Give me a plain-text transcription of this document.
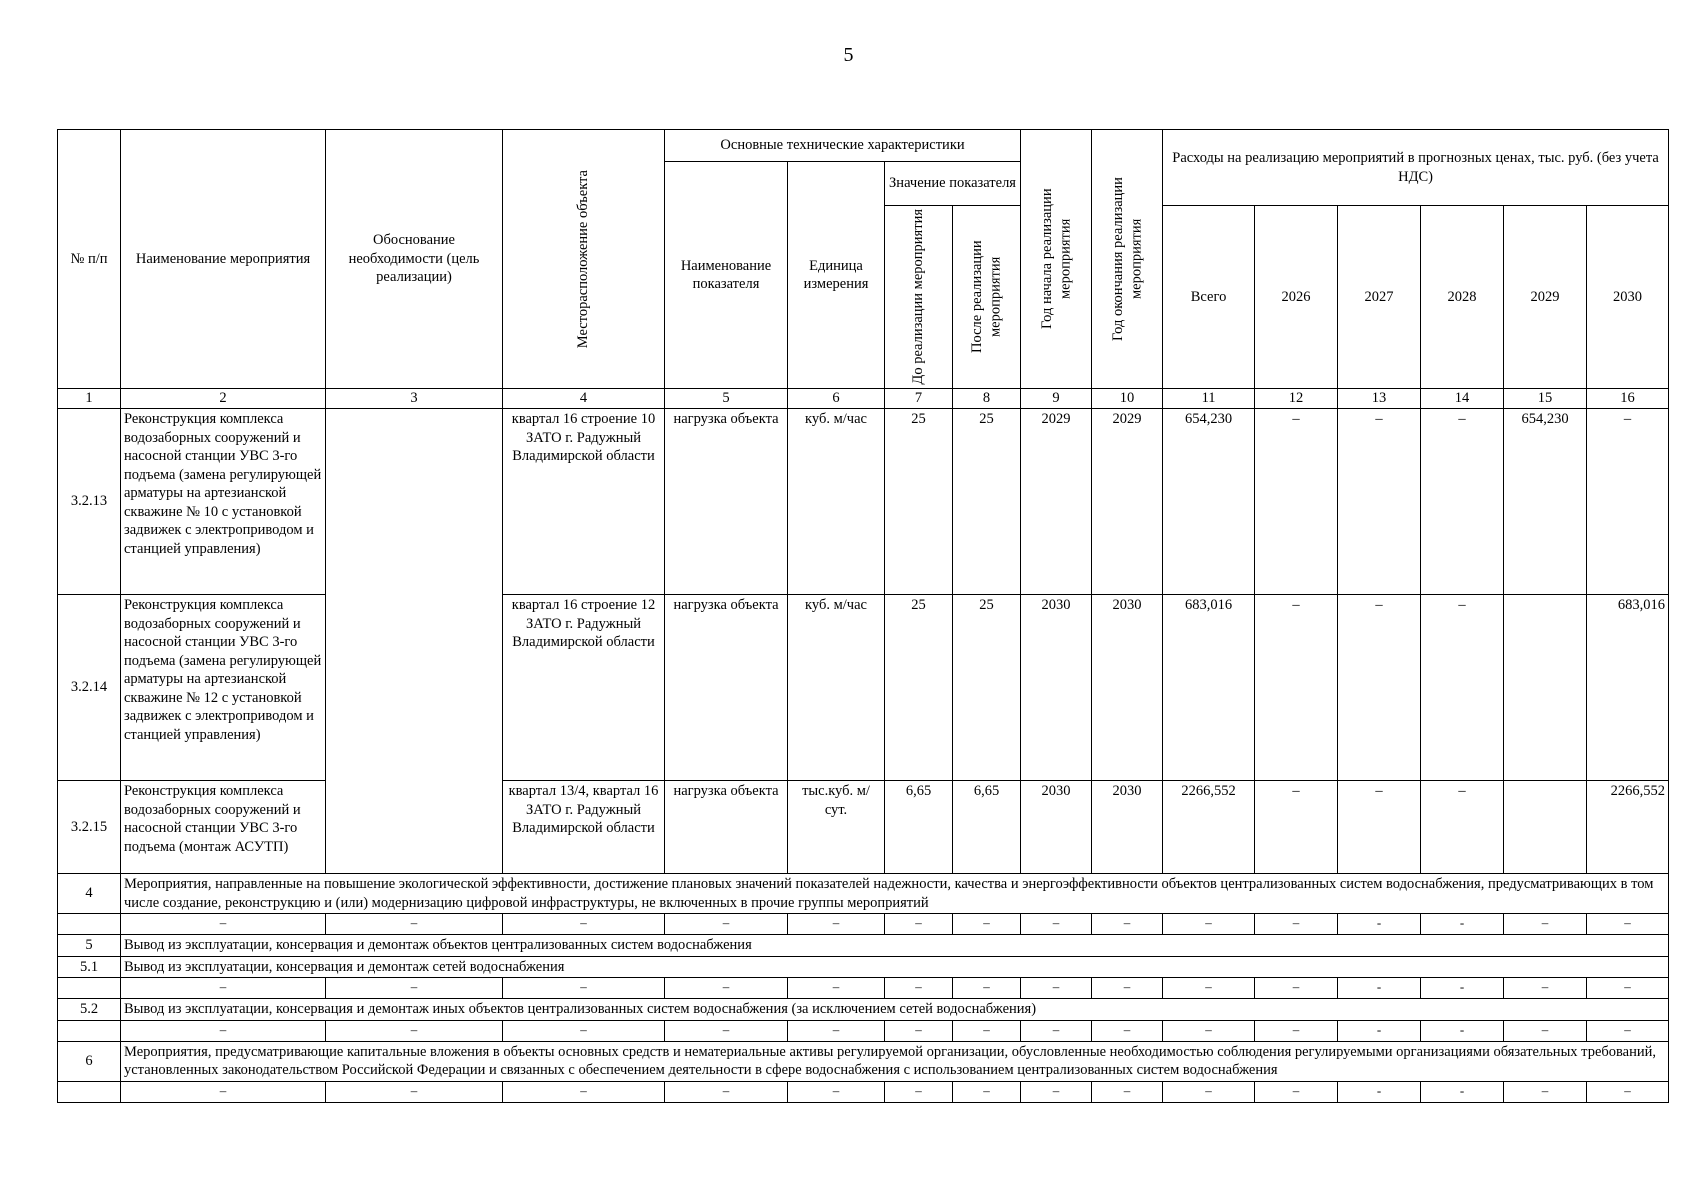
5
№ п/п	Наименование мероприятия	Обоснование необходимости (цель реализации)	Месторасположение объекта	Основные технические характеристики				Год начала реализации мероприятия	Год окончания реализации мероприятия	Расходы на реализацию мероприятий в прогнозных ценах, тыс. руб. (без учета НДС)					
				Наименование показателя	Единица измерения	Значение показателя									

						До реализации мероприятия	После реализации мероприятия			Всего	2026	2027	2028	2029	2030
1	2	3	4	5	6	7	8	9	10	11	12	13	14	15	16
3.2.13	Реконструкция комплекса водозаборных сооружений и насосной станции УВС 3-го подъема (замена регулирующей арматуры на артезианской скважине № 10 с установкой задвижек с электроприводом и станцией управления)		квартал 16 строение 10 ЗАТО г. Радужный Владимирской области	нагрузка объекта	куб. м/час	25	25	2029	2029	654,230	–	–	–	654,230	–
3.2.14	Реконструкция комплекса водозаборных сооружений и насосной станции УВС 3-го подъема (замена регулирующей арматуры на артезианской скважине № 12 с установкой задвижек с электроприводом и станцией управления)		квартал 16 строение 12 ЗАТО г. Радужный Владимирской области	нагрузка объекта	куб. м/час	25	25	2030	2030	683,016	–	–	–		683,016
3.2.15	Реконструкция комплекса водозаборных сооружений и насосной станции УВС 3-го подъема (монтаж АСУТП)		квартал 13/4, квартал 16 ЗАТО г. Радужный Владимирской области	нагрузка объекта	тыс.куб. м/сут.	6,65	6,65	2030	2030	2266,552	–	–	–		2266,552
4	Мероприятия, направленные на повышение экологической эффективности, достижение плановых значений показателей надежности, качества и энергоэффективности объектов централизованных систем водоснабжения, предусматривающих в том числе создание, реконструкцию и (или) модернизацию цифровой инфраструктуры, не включенных в прочие группы мероприятий														
	–	–	–	–	–	–	–	–	–	–	–	-	-	–	–
5	Вывод из эксплуатации, консервация и демонтаж объектов централизованных систем водоснабжения														
5.1	Вывод из эксплуатации, консервация и демонтаж сетей водоснабжения														
	–	–	–	–	–	–	–	–	–	–	–	-	-	–	–
5.2	Вывод из эксплуатации, консервация и демонтаж иных объектов централизованных систем водоснабжения (за исключением сетей водоснабжения)														
	–	–	–	–	–	–	–	–	–	–	–	-	-	–	–
6	Мероприятия, предусматривающие капитальные вложения в объекты основных средств и нематериальные активы регулируемой организации, обусловленные необходимостью соблюдения регулируемыми организациями обязательных требований, установленных законодательством Российской Федерации и связанных с обеспечением деятельности в сфере водоснабжения с использованием централизованных систем водоснабжения														
	–	–	–	–	–	–	–	–	–	–	–	-	-	–	–
